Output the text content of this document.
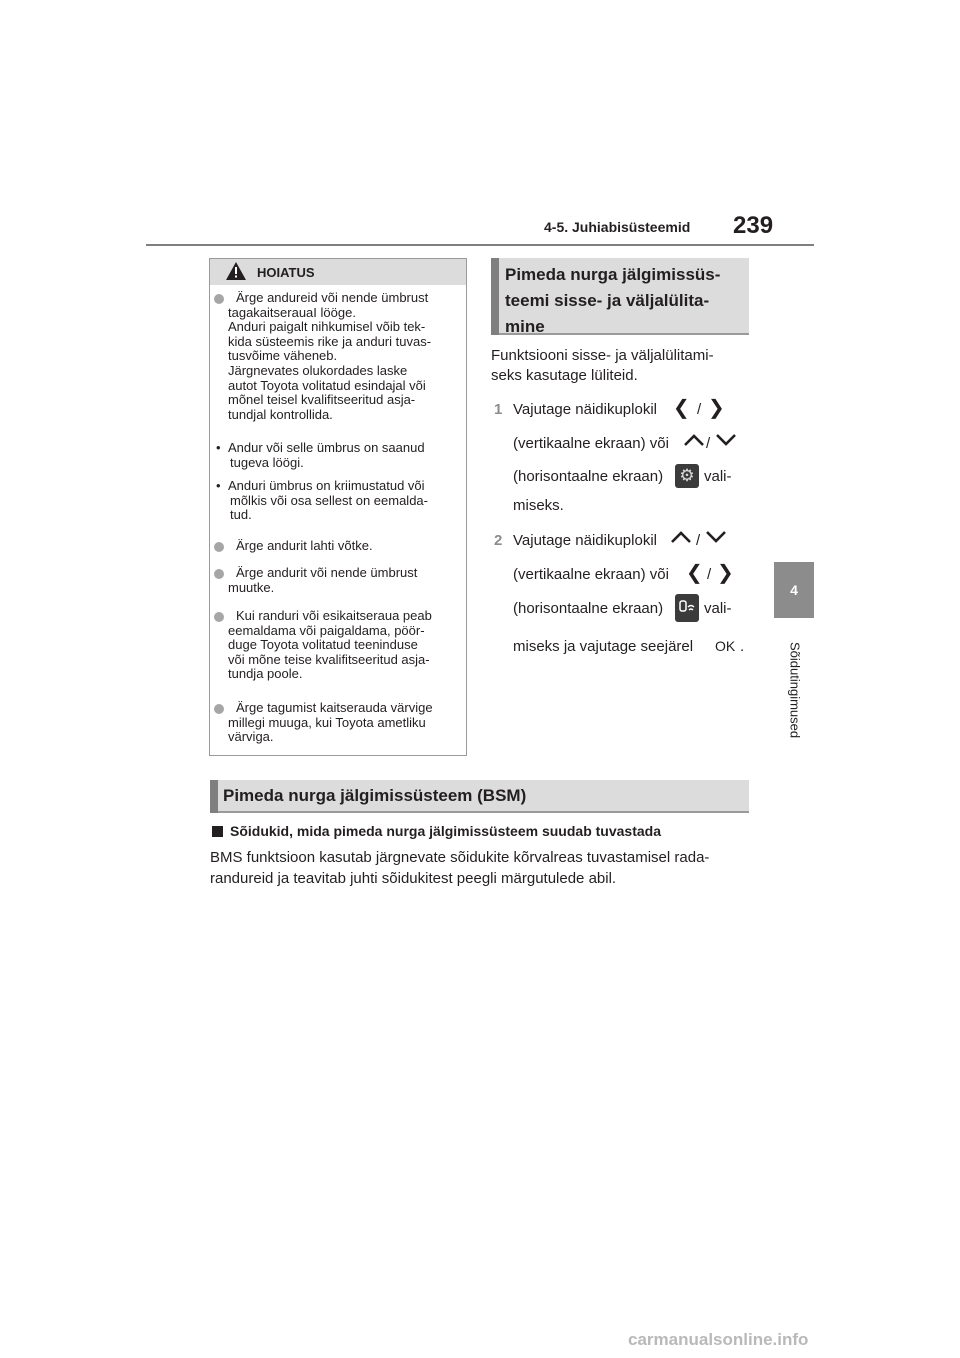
4-5. Juhiabisüsteemid 239
4
Sõidutingimused
HOIATUS
Ärge andureid või nende ümbrust
tagakaitserauaI lööge.
Anduri paigalt nihkumisel võib tek-
kida süsteemis rike ja anduri tuvas-
tusvõime väheneb.
Järgnevates olukordades laske
autot Toyota volitatud esindajal või
mõnel teisel kvalifitseeritud asja-
tundjal kontrollida.
• Andur või selle ümbrus on saanud
tugeva löögi.
• Anduri ümbrus on kriimustatud või
mõlkis või osa sellest on eemalda-
tud.
Ärge andurit lahti võtke.
Ärge andurit või nende ümbrust
muutke.
Kui randuri või esikaitseraua peab
eemaldama või paigaldama, pöör-
duge Toyota volitatud teeninduse
või mõne teise kvalifitseeritud asja-
tundja poole.
Ärge tagumist kaitserauda värvige
millegi muuga, kui Toyota ametliku
värviga.
Pimeda nurga jälgimissüs-
teemi sisse- ja väljalülita-
mine
Funktsiooni sisse- ja väljalülitami-
seks kasutage lüliteid.
1 Vajutage näidikuplokil ❮ / ❯
(vertikaalne ekraan) või /
(horisontaalne ekraan) ⚙ vali-
miseks.
2 Vajutage näidikuplokil	/
(vertikaalne ekraan) või ❮ / ❯
(horisontaalne ekraan)	vali-
miseks ja vajutage seejärel OK .
Pimeda nurga jälgimissüsteem (BSM)
Sõidukid, mida pimeda nurga jälgimissüsteem suudab tuvastada
BMS funktsioon kasutab järgnevate sõidukite kõrvalreas tuvastamisel rada-
randureid ja teavitab juhti sõidukitest peegli märgutulede abil.
carmanualsonline.info
